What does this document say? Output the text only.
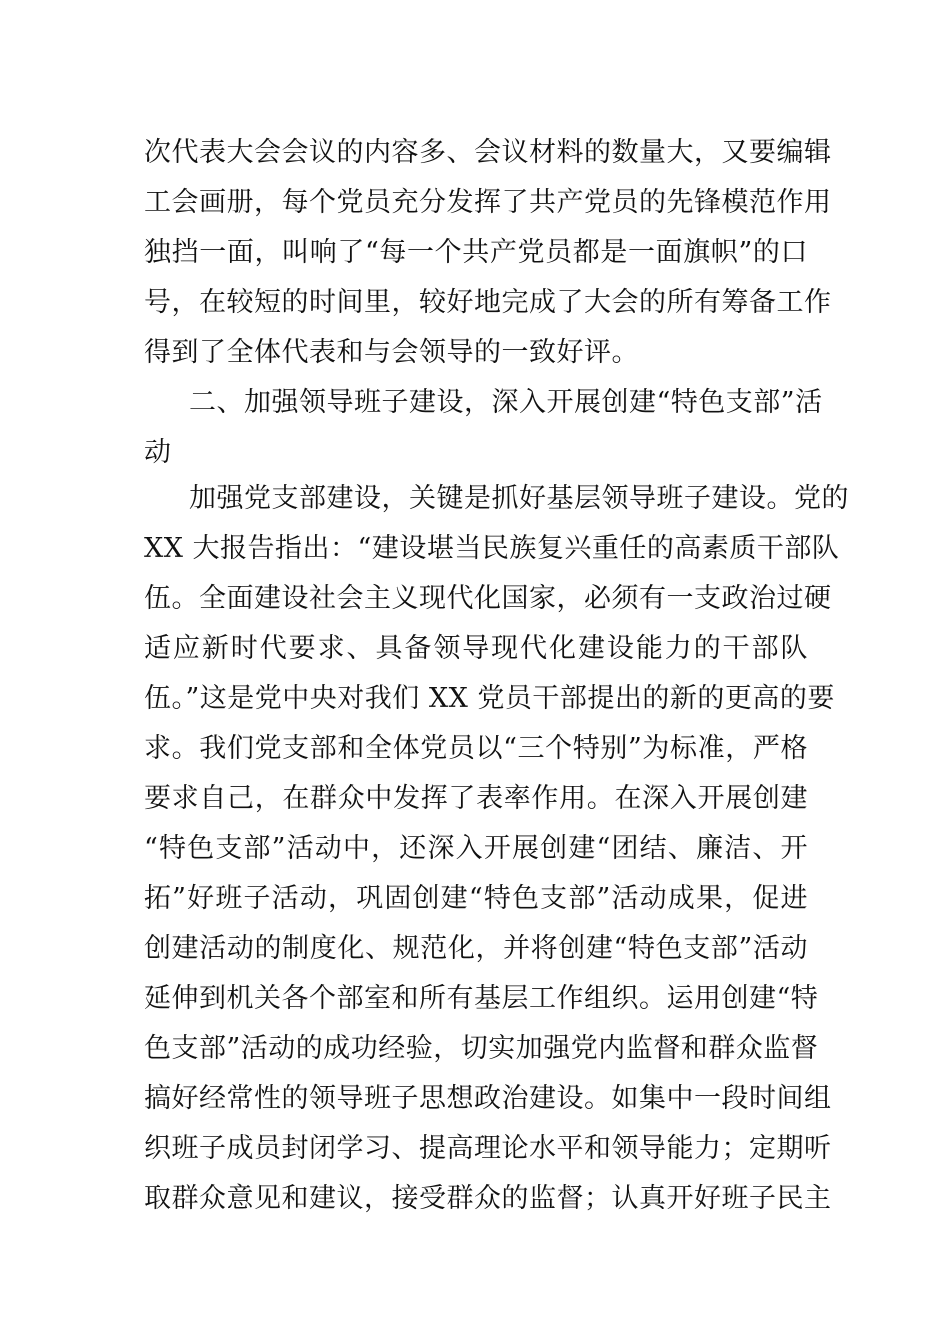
次代表大会会议的内容多、会议材料的数量大，又要编辑
工会画册，每个党员充分发挥了共产党员的先锋模范作用
独挡一面，叫响了“每一个共产党员都是一面旗帜”的口
号，在较短的时间里，较好地完成了大会的所有筹备工作
得到了全体代表和与会领导的一致好评。
二、加强领导班子建设，深入开展创建“特色支部”活
动
加强党支部建设，关键是抓好基层领导班子建设。党的
XX 大报告指出：“建设堪当民族复兴重任的高素质干部队
伍。全面建设社会主义现代化国家，必须有一支政治过硬
适应新时代要求、具备领导现代化建设能力的干部队
伍。”这是党中央对我们 XX 党员干部提出的新的更高的要
求。我们党支部和全体党员以“三个特别”为标准，严格
要求自己，在群众中发挥了表率作用。在深入开展创建
“特色支部”活动中，还深入开展创建“团结、廉洁、开
拓”好班子活动，巩固创建“特色支部”活动成果，促进
创建活动的制度化、规范化，并将创建“特色支部”活动
延伸到机关各个部室和所有基层工作组织。运用创建“特
色支部”活动的成功经验，切实加强党内监督和群众监督
搞好经常性的领导班子思想政治建设。如集中一段时间组
织班子成员封闭学习、提高理论水平和领导能力；定期听
取群众意见和建议，接受群众的监督；认真开好班子民主
